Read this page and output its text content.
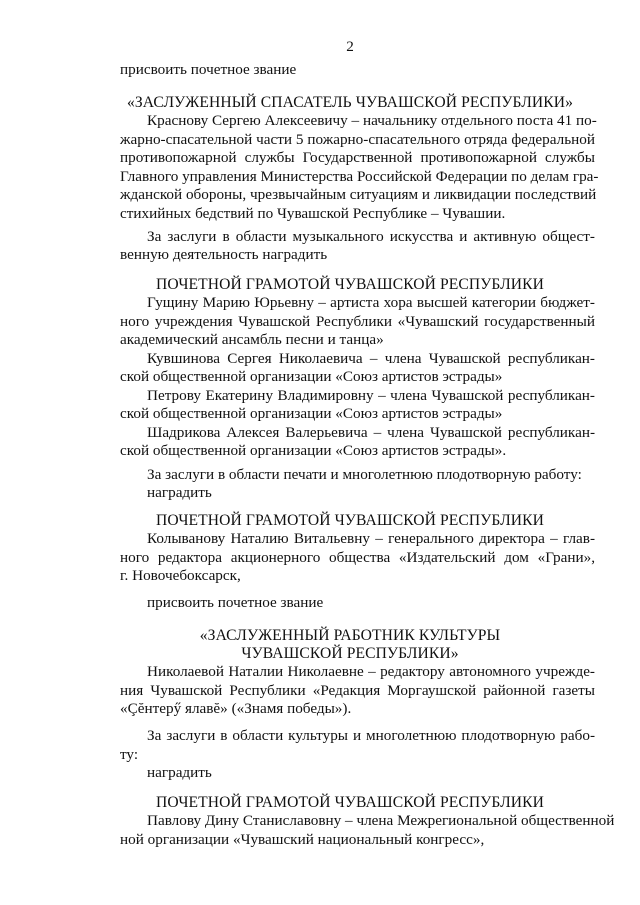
2
присвоить почетное звание
«ЗАСЛУЖЕННЫЙ СПАСАТЕЛЬ ЧУВАШСКОЙ РЕСПУБЛИКИ»
Краснову Сергею Алексеевичу – начальнику отдельного поста 41 по-
жарно-спасательной части 5 пожарно-спасательного отряда федеральной
противопожарной службы Государственной противопожарной службы
Главного управления Министерства Российской Федерации по делам гра-
жданской обороны, чрезвычайным ситуациям и ликвидации последствий
стихийных бедствий по Чувашской Республике – Чувашии.
За заслуги в области музыкального искусства и активную общест-
венную деятельность наградить
ПОЧЕТНОЙ ГРАМОТОЙ ЧУВАШСКОЙ РЕСПУБЛИКИ
Гущину Марию Юрьевну – артиста хора высшей категории бюджет-
ного учреждения Чувашской Республики «Чувашский государственный
академический ансамбль песни и танца»
Кувшинова Сергея Николаевича – члена Чувашской республикан-
ской общественной организации «Союз артистов эстрады»
Петрову Екатерину Владимировну – члена Чувашской республикан-
ской общественной организации «Союз артистов эстрады»
Шадрикова Алексея Валерьевича – члена Чувашской республикан-
ской общественной организации «Союз артистов эстрады».
За заслуги в области печати и многолетнюю плодотворную работу:
наградить
ПОЧЕТНОЙ ГРАМОТОЙ ЧУВАШСКОЙ РЕСПУБЛИКИ
Колыванову Наталию Витальевну – генерального директора – глав-
ного редактора акционерного общества «Издательский дом «Грани»,
г. Новочебоксарск,
присвоить почетное звание
«ЗАСЛУЖЕННЫЙ РАБОТНИК КУЛЬТУРЫ
ЧУВАШСКОЙ РЕСПУБЛИКИ»
Николаевой Наталии Николаевне – редактору автономного учрежде-
ния Чувашской Республики «Редакция Моргаушской районной газеты
«Çĕнтерӳ ялавĕ» («Знамя победы»).
За заслуги в области культуры и многолетнюю плодотворную рабо-
ту:
наградить
ПОЧЕТНОЙ ГРАМОТОЙ ЧУВАШСКОЙ РЕСПУБЛИКИ
Павлову Дину Станиславовну – члена Межрегиональной общественной
ной организации «Чувашский национальный конгресс»,
